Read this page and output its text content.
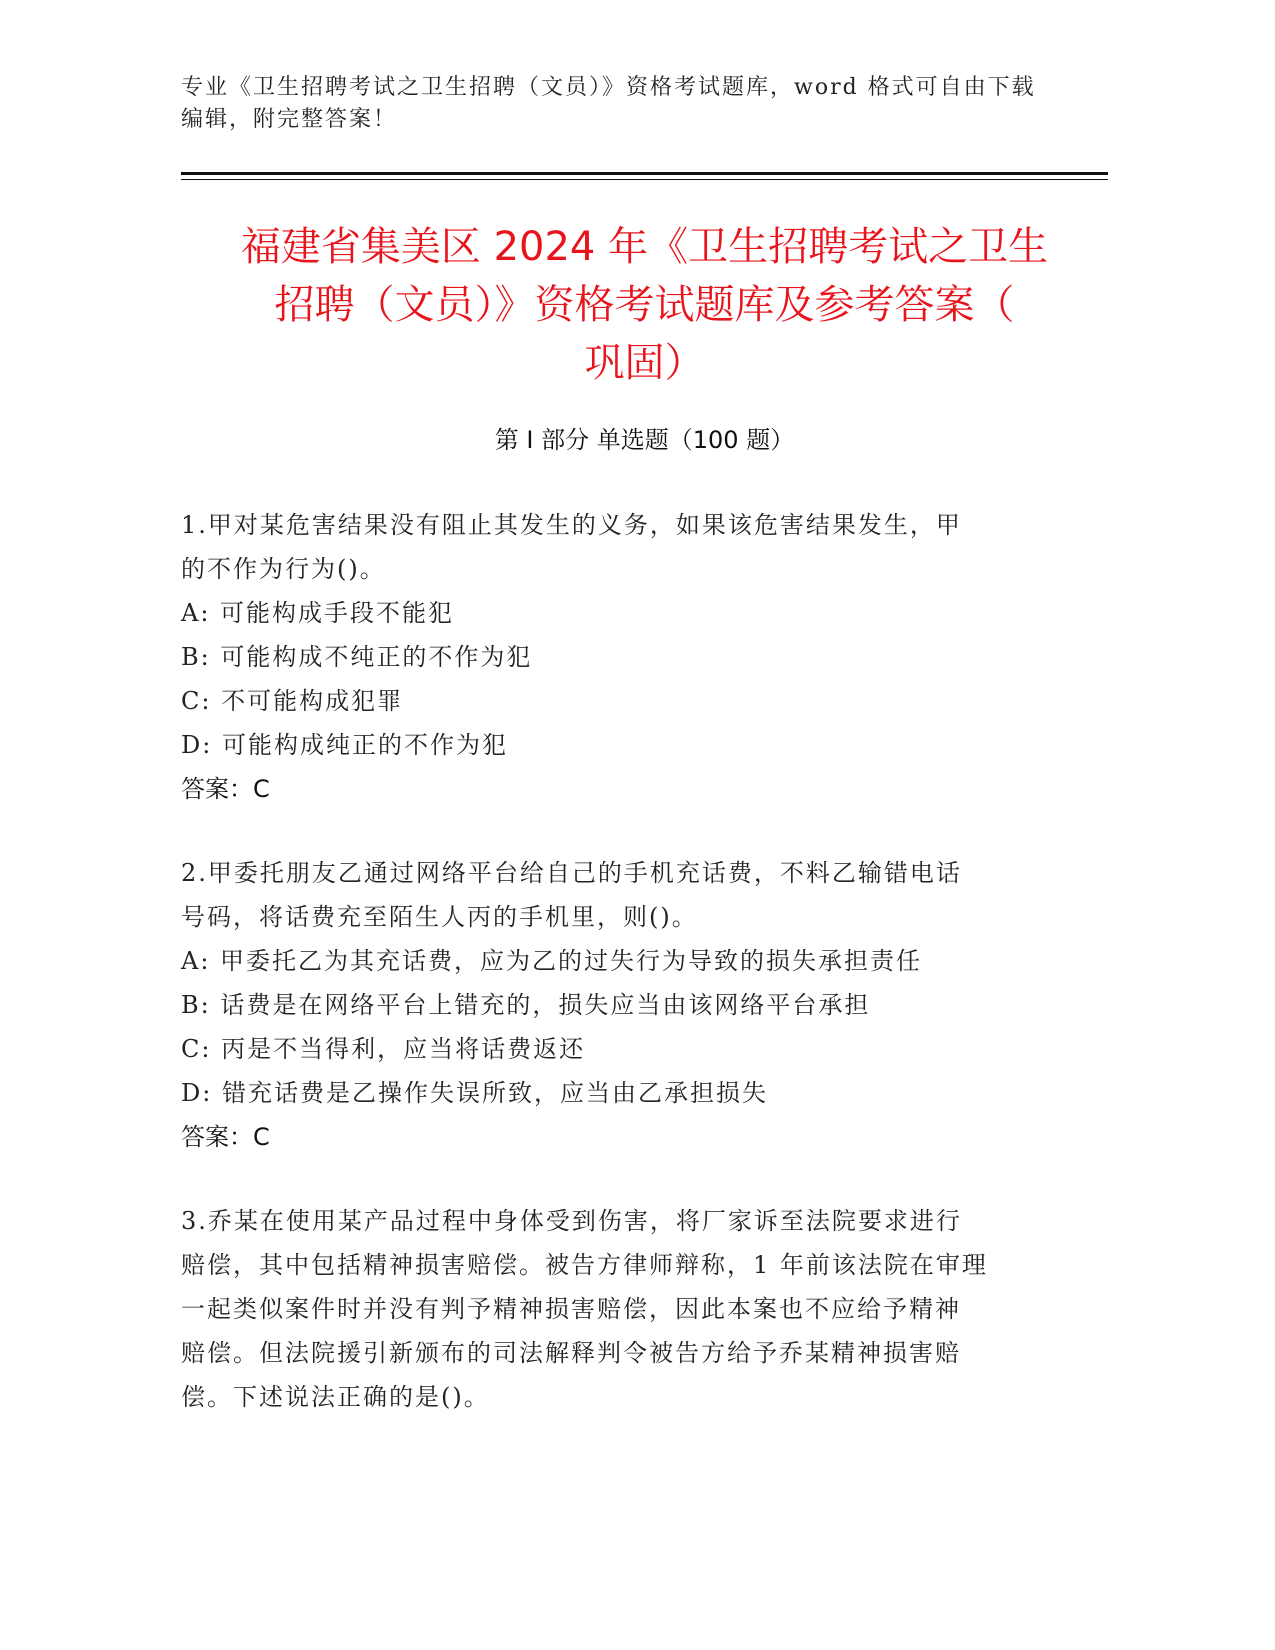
专业《卫生招聘考试之卫生招聘（文员）》资格考试题库，word 格式可自由下载
编辑，附完整答案！
福建省集美区 2024 年《卫生招聘考试之卫生
招聘（文员）》资格考试题库及参考答案（
巩固）
第 I 部分 单选题（100 题）
1.甲对某危害结果没有阻止其发生的义务，如果该危害结果发生，甲
的不作为行为()。
A: 可能构成手段不能犯
B: 可能构成不纯正的不作为犯
C: 不可能构成犯罪
D: 可能构成纯正的不作为犯
答案：C
2.甲委托朋友乙通过网络平台给自己的手机充话费，不料乙输错电话
号码，将话费充至陌生人丙的手机里，则()。
A: 甲委托乙为其充话费，应为乙的过失行为导致的损失承担责任
B: 话费是在网络平台上错充的，损失应当由该网络平台承担
C: 丙是不当得利，应当将话费返还
D: 错充话费是乙操作失误所致，应当由乙承担损失
答案：C
3.乔某在使用某产品过程中身体受到伤害，将厂家诉至法院要求进行
赔偿，其中包括精神损害赔偿。被告方律师辩称，1 年前该法院在审理
一起类似案件时并没有判予精神损害赔偿，因此本案也不应给予精神
赔偿。但法院援引新颁布的司法解释判令被告方给予乔某精神损害赔
偿。下述说法正确的是()。
